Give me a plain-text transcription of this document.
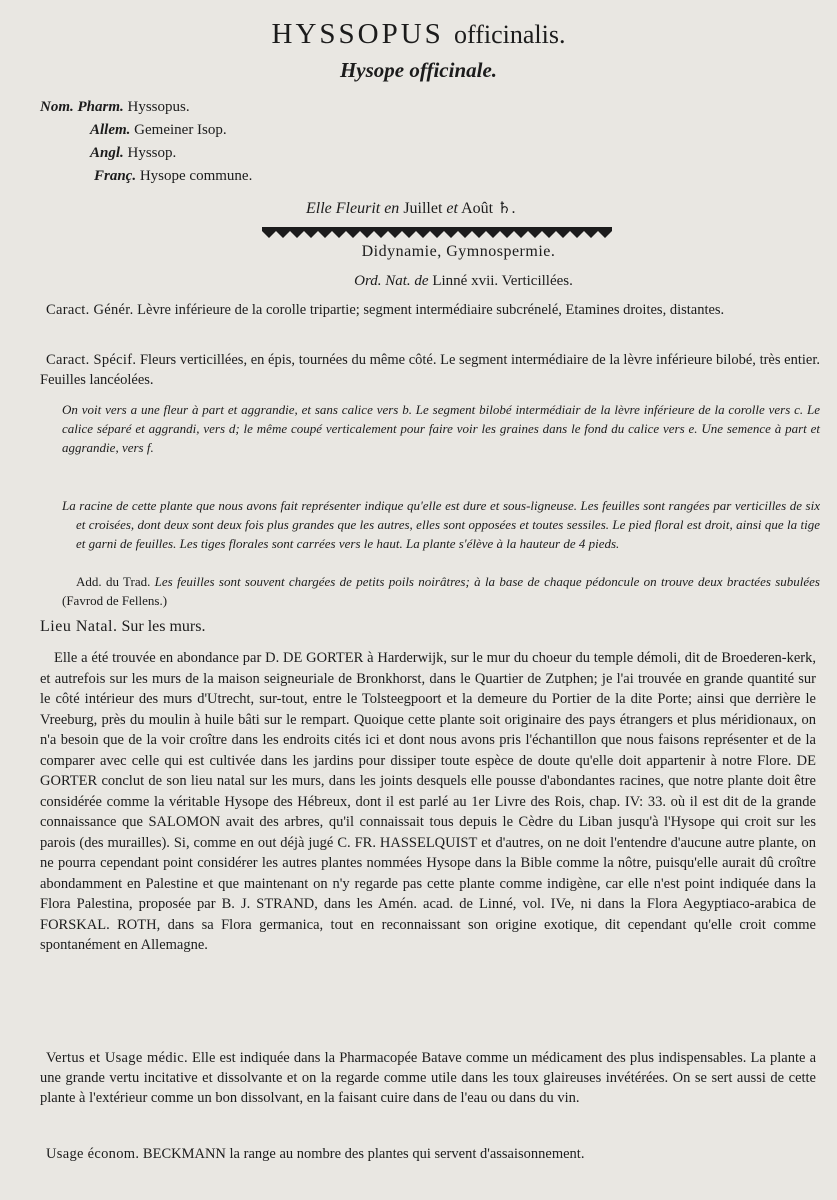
HYSSOPUS officinalis.
Hysope officinale.
Nom. Pharm. Hyssopus.
Allem. Gemeiner Isop.
Angl. Hyssop.
Franç. Hysope commune.
Elle Fleurit en Juillet et Août ♄.
Didynamie, Gymnospermie.
Ord. Nat. de Linné xvii. Verticillées.
Caract. Génér. Lèvre inférieure de la corolle tripartie; segment intermédiaire subcrénelé, Etamines droites, distantes.
Caract. Spécif. Fleurs verticillées, en épis, tournées du même côté. Le segment intermédiaire de la lèvre inférieure bilobé, très entier. Feuilles lancéolées.
On voit vers a une fleur à part et aggrandie, et sans calice vers b. Le segment bilobé intermédiair de la lèvre inférieure de la corolle vers c. Le calice séparé et aggrandi, vers d; le même coupé verticalement pour faire voir les graines dans le fond du calice vers e. Une semence à part et aggrandie, vers f.
La racine de cette plante que nous avons fait représenter indique qu'elle est dure et sous-ligneuse. Les feuilles sont rangées par verticilles de six et croisées, dont deux sont deux fois plus grandes que les autres, elles sont opposées et toutes sessiles. Le pied floral est droit, ainsi que la tige et garni de feuilles. Les tiges florales sont carrées vers le haut. La plante s'élève à la hauteur de 4 pieds.
Add. du Trad. Les feuilles sont souvent chargées de petits poils noirâtres; à la base de chaque pédoncule on trouve deux bractées subulées (Favrod de Fellens.)
Lieu Natal. Sur les murs.
Elle a été trouvée en abondance par D. DE GORTER à Harderwijk, sur le mur du choeur du temple démoli, dit de Broederen-kerk, et autrefois sur les murs de la maison seigneuriale de Bronkhorst, dans le Quartier de Zutphen; je l'ai trouvée en grande quantité sur le côté intérieur des murs d'Utrecht, sur-tout, entre le Tolsteegpoort et la demeure du Portier de la dite Porte; ainsi que derrière le Vreeburg, près du moulin à huile bâti sur le rempart. Quoique cette plante soit originaire des pays étrangers et plus méridionaux, on n'a besoin que de la voir croître dans les endroits cités ici et dont nous avons pris l'échantillon que nous faisons représenter et de la comparer avec celle qui est cultivée dans les jardins pour dissiper toute espèce de doute qu'elle doit appartenir à notre Flore. DE GORTER conclut de son lieu natal sur les murs, dans les joints desquels elle pousse d'abondantes racines, que notre plante doit être considérée comme la véritable Hysope des Hébreux, dont il est parlé au 1er Livre des Rois, chap. IV: 33. où il est dit de la grande connaissance que SALOMON avait des arbres, qu'il connaissait tous depuis le Cèdre du Liban jusqu'à l'Hysope qui croit sur les parois (des murailles). Si, comme en out déjà jugé C. FR. HASSELQUIST et d'autres, on ne doit l'entendre d'aucune autre plante, on ne pourra cependant point considérer les autres plantes nommées Hysope dans la Bible comme la nôtre, puisqu'elle aurait dû croître abondamment en Palestine et que maintenant on n'y regarde pas cette plante comme indigène, car elle n'est point indiquée dans la Flora Palestina, proposée par B. J. STRAND, dans les Amén. acad. de Linné, vol. IVe, ni dans la Flora Aegyptiaco-arabica de FORSKAL. ROTH, dans sa Flora germanica, tout en reconnaissant son origine exotique, dit cependant qu'elle croit comme spontanément en Allemagne.
Vertus et Usage médic. Elle est indiquée dans la Pharmacopée Batave comme un médicament des plus indispensables. La plante a une grande vertu incitative et dissolvante et on la regarde comme utile dans les toux glaireuses invétérées. On se sert aussi de cette plante à l'extérieur comme un bon dissolvant, en la faisant cuire dans de l'eau ou dans du vin.
Usage économ. BECKMANN la range au nombre des plantes qui servent d'assaisonnement.
